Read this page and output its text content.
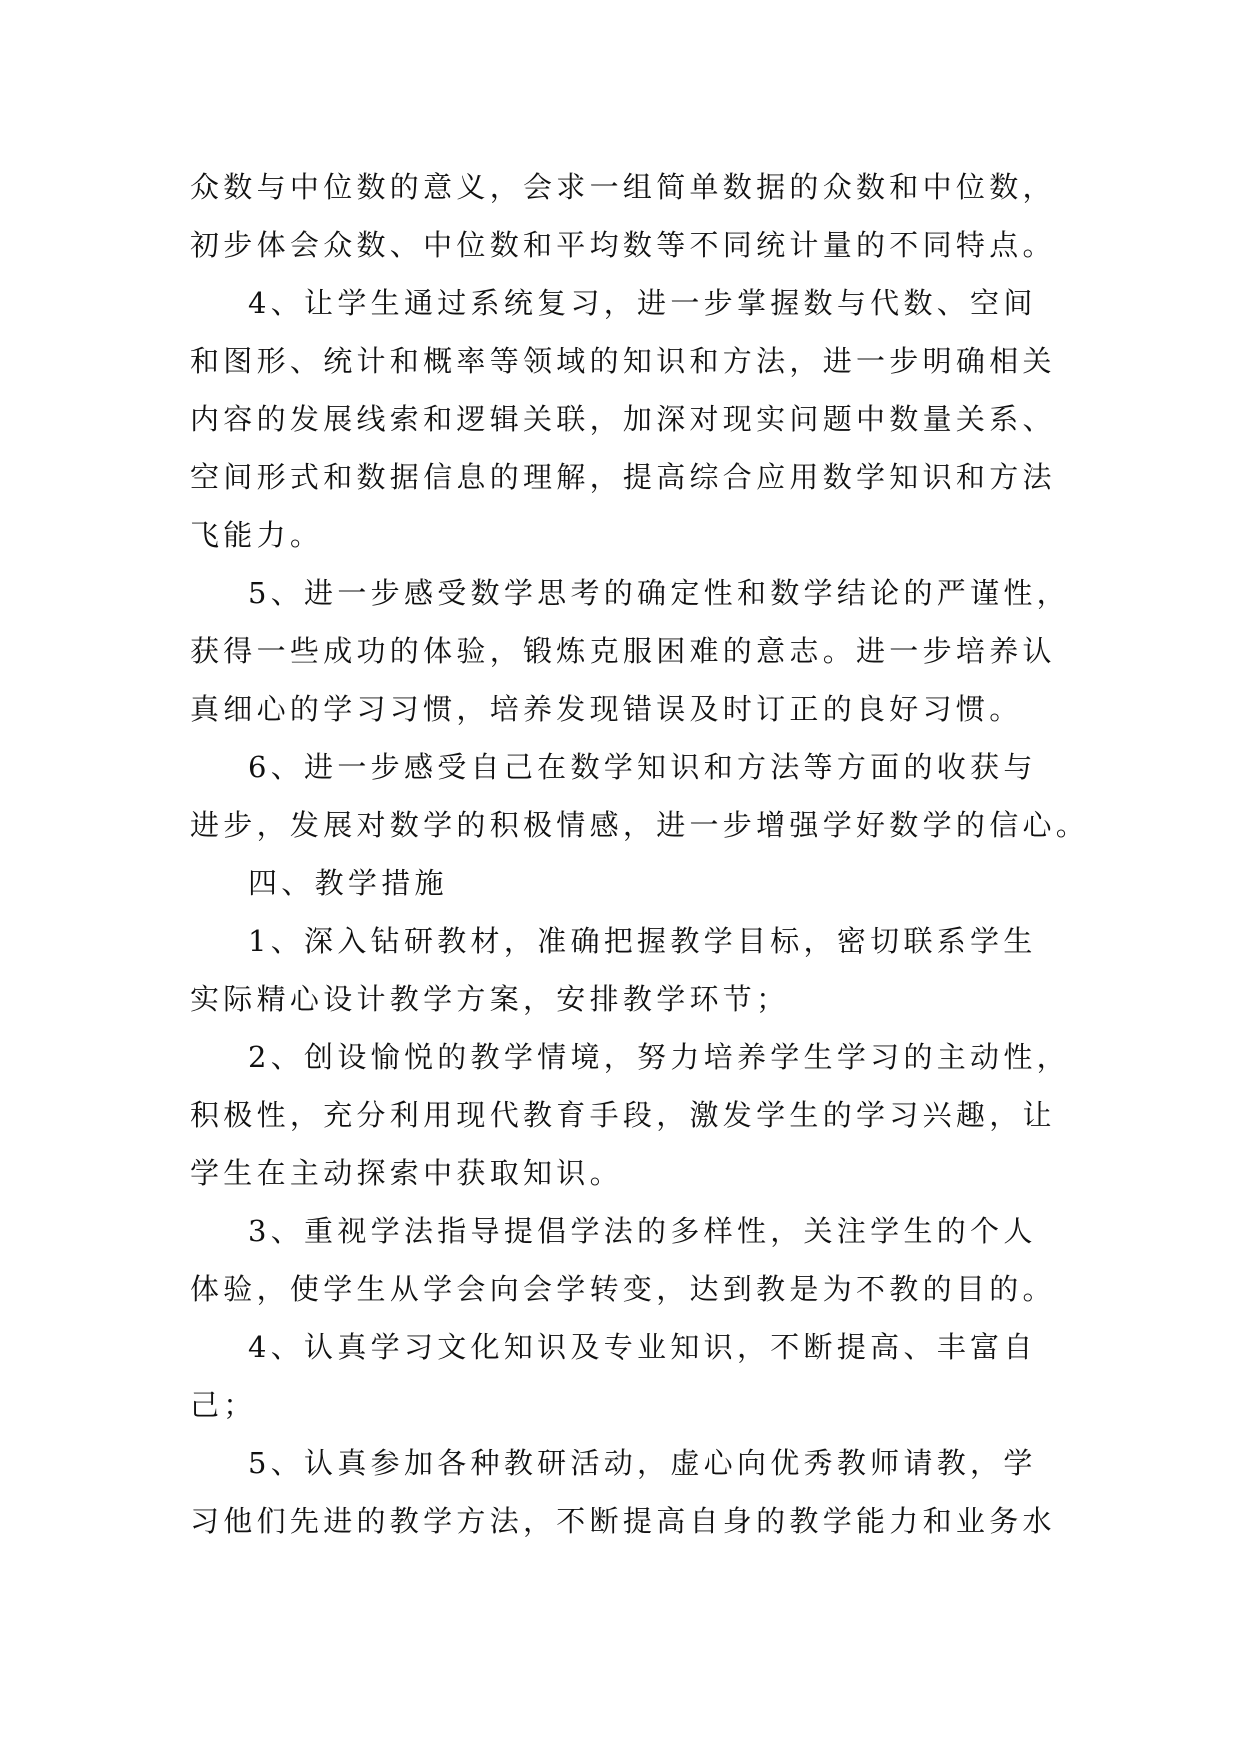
众数与中位数的意义，会求一组简单数据的众数和中位数，
初步体会众数、中位数和平均数等不同统计量的不同特点。
4、让学生通过系统复习，进一步掌握数与代数、空间
和图形、统计和概率等领域的知识和方法，进一步明确相关
内容的发展线索和逻辑关联，加深对现实问题中数量关系、
空间形式和数据信息的理解，提高综合应用数学知识和方法
飞能力。
5、进一步感受数学思考的确定性和数学结论的严谨性，
获得一些成功的体验，锻炼克服困难的意志。进一步培养认
真细心的学习习惯，培养发现错误及时订正的良好习惯。
6、进一步感受自己在数学知识和方法等方面的收获与
进步，发展对数学的积极情感，进一步增强学好数学的信心。
四、教学措施
1、深入钻研教材，准确把握教学目标，密切联系学生
实际精心设计教学方案，安排教学环节；
2、创设愉悦的教学情境，努力培养学生学习的主动性，
积极性，充分利用现代教育手段，激发学生的学习兴趣，让
学生在主动探索中获取知识。
3、重视学法指导提倡学法的多样性，关注学生的个人
体验，使学生从学会向会学转变，达到教是为不教的目的。
4、认真学习文化知识及专业知识，不断提高、丰富自
己；
5、认真参加各种教研活动，虚心向优秀教师请教，学
习他们先进的教学方法，不断提高自身的教学能力和业务水
